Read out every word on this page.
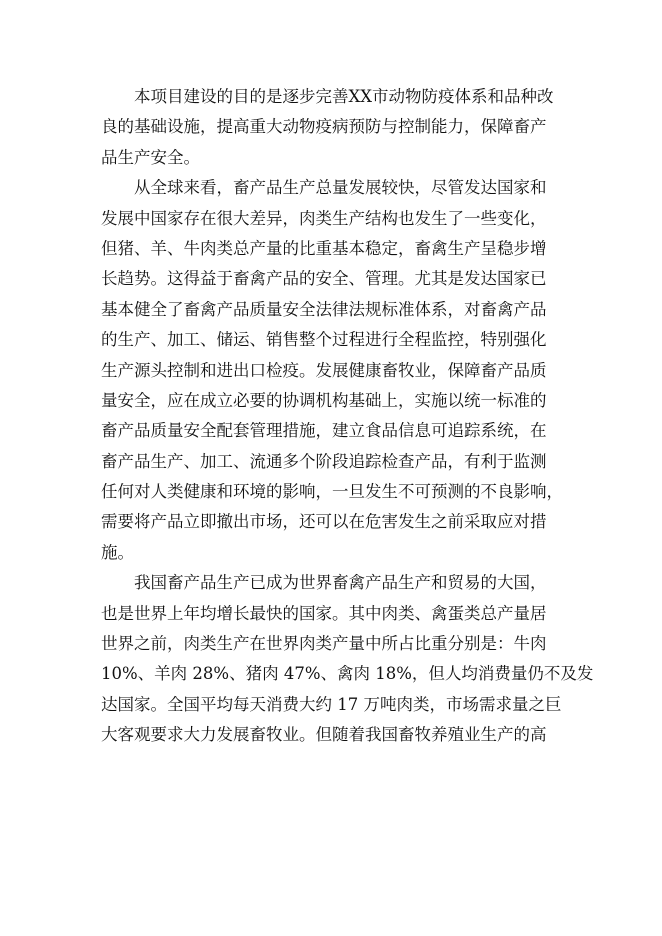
本项目建设的目的是逐步完善XX市动物防疫体系和品种改
良的基础设施，提高重大动物疫病预防与控制能力，保障畜产
品生产安全。

从全球来看，畜产品生产总量发展较快，尽管发达国家和
发展中国家存在很大差异，肉类生产结构也发生了一些变化，
但猪、羊、牛肉类总产量的比重基本稳定，畜禽生产呈稳步增
长趋势。这得益于畜禽产品的安全、管理。尤其是发达国家已
基本健全了畜禽产品质量安全法律法规标准体系，对畜禽产品
的生产、加工、储运、销售整个过程进行全程监控，特别强化
生产源头控制和进出口检疫。发展健康畜牧业，保障畜产品质
量安全，应在成立必要的协调机构基础上，实施以统一标准的
畜产品质量安全配套管理措施，建立食品信息可追踪系统，在
畜产品生产、加工、流通多个阶段追踪检查产品，有利于监测
任何对人类健康和环境的影响，一旦发生不可预测的不良影响，
需要将产品立即撤出市场，还可以在危害发生之前采取应对措
施。

我国畜产品生产已成为世界畜禽产品生产和贸易的大国，
也是世界上年均增长最快的国家。其中肉类、禽蛋类总产量居
世界之前，肉类生产在世界肉类产量中所占比重分别是：牛肉
10%、羊肉 28%、猪肉 47%、禽肉 18%，但人均消费量仍不及发
达国家。全国平均每天消费大约 17 万吨肉类，市场需求量之巨
大客观要求大力发展畜牧业。但随着我国畜牧养殖业生产的高
